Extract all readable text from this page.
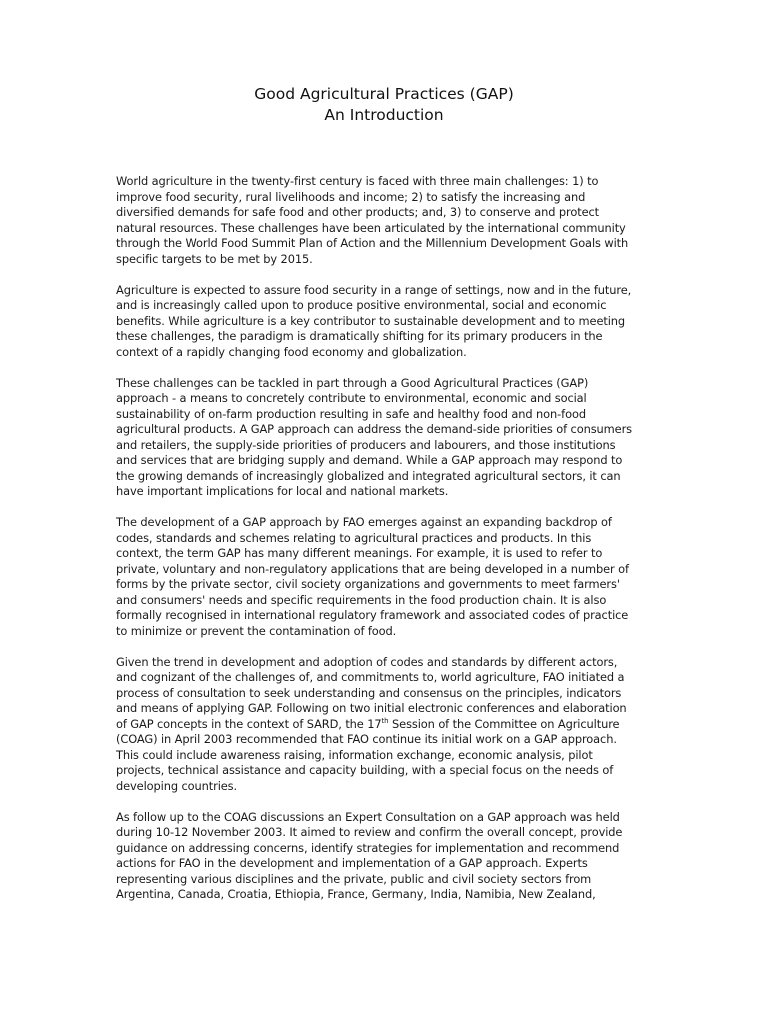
Good Agricultural Practices (GAP)
An Introduction

World agriculture in the twenty-first century is faced with three main challenges: 1) to improve food security, rural livelihoods and income; 2) to satisfy the increasing and diversified demands for safe food and other products; and, 3) to conserve and protect natural resources. These challenges have been articulated by the international community through the World Food Summit Plan of Action and the Millennium Development Goals with specific targets to be met by 2015.

Agriculture is expected to assure food security in a range of settings, now and in the future, and is increasingly called upon to produce positive environmental, social and economic benefits. While agriculture is a key contributor to sustainable development and to meeting these challenges, the paradigm is dramatically shifting for its primary producers in the context of a rapidly changing food economy and globalization.

These challenges can be tackled in part through a Good Agricultural Practices (GAP) approach - a means to concretely contribute to environmental, economic and social sustainability of on-farm production resulting in safe and healthy food and non-food agricultural products. A GAP approach can address the demand-side priorities of consumers and retailers, the supply-side priorities of producers and labourers, and those institutions and services that are bridging supply and demand. While a GAP approach may respond to the growing demands of increasingly globalized and integrated agricultural sectors, it can have important implications for local and national markets.

The development of a GAP approach by FAO emerges against an expanding backdrop of codes, standards and schemes relating to agricultural practices and products. In this context, the term GAP has many different meanings. For example, it is used to refer to private, voluntary and non-regulatory applications that are being developed in a number of forms by the private sector, civil society organizations and governments to meet farmers' and consumers' needs and specific requirements in the food production chain. It is also formally recognised in international regulatory framework and associated codes of practice to minimize or prevent the contamination of food.

Given the trend in development and adoption of codes and standards by different actors, and cognizant of the challenges of, and commitments to, world agriculture, FAO initiated a process of consultation to seek understanding and consensus on the principles, indicators and means of applying GAP. Following on two initial electronic conferences and elaboration of GAP concepts in the context of SARD, the 17th Session of the Committee on Agriculture (COAG) in April 2003 recommended that FAO continue its initial work on a GAP approach. This could include awareness raising, information exchange, economic analysis, pilot projects, technical assistance and capacity building, with a special focus on the needs of developing countries.

As follow up to the COAG discussions an Expert Consultation on a GAP approach was held during 10-12 November 2003. It aimed to review and confirm the overall concept, provide guidance on addressing concerns, identify strategies for implementation and recommend actions for FAO in the development and implementation of a GAP approach. Experts representing various disciplines and the private, public and civil society sectors from Argentina, Canada, Croatia, Ethiopia, France, Germany, India, Namibia, New Zealand,
